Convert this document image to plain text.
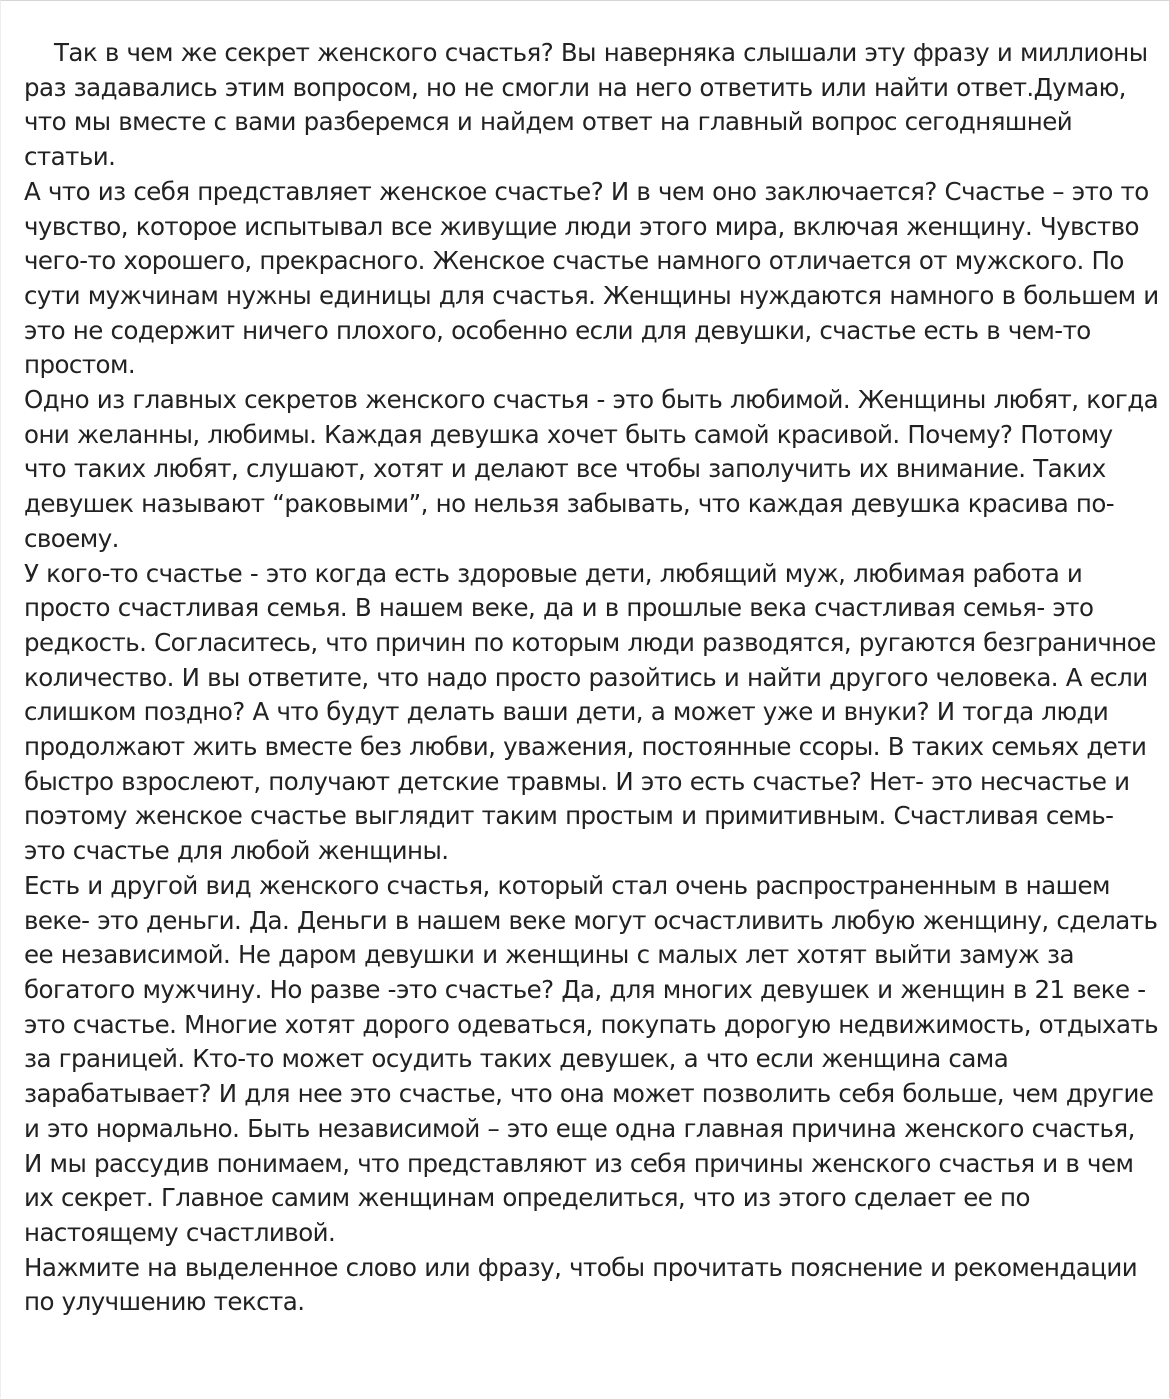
Так в чем же секрет женского счастья? Вы наверняка слышали эту фразу и миллионы раз задавались этим вопросом, но не смогли на него ответить или найти ответ.Думаю, что мы вместе с вами разберемся и найдем ответ на главный вопрос сегодняшней статьи.

А что из себя представляет женское счастье? И в чем оно заключается? Счастье – это то чувство, которое испытывал все живущие люди этого мира, включая женщину. Чувство чего-то хорошего, прекрасного. Женское счастье намного отличается от мужского. По сути мужчинам нужны единицы для счастья. Женщины нуждаются намного в большем и это не содержит ничего плохого, особенно если для девушки, счастье есть в чем-то простом.

Одно из главных секретов женского счастья - это быть любимой. Женщины любят, когда они желанны, любимы. Каждая девушка хочет быть самой красивой. Почему? Потому что таких любят, слушают, хотят и делают все чтобы заполучить их внимание. Таких девушек называют “раковыми”, но нельзя забывать, что каждая девушка красива по-своему.

У кого-то счастье - это когда есть здоровые дети, любящий муж, любимая работа и просто счастливая семья. В нашем веке, да и в прошлые века счастливая семья- это редкость. Согласитесь, что причин по которым люди разводятся, ругаются безграничное количество. И вы ответите, что надо просто разойтись и найти другого человека. А если слишком поздно? А что будут делать ваши дети, а может уже и внуки? И тогда люди продолжают жить вместе без любви, уважения, постоянные ссоры. В таких семьях дети быстро взрослеют, получают детские травмы. И это есть счастье? Нет- это несчастье и поэтому женское счастье выглядит таким простым и примитивным. Счастливая семь- это счастье для любой женщины.

Есть и другой вид женского счастья, который стал очень распространенным в нашем веке- это деньги. Да. Деньги в нашем веке могут осчастливить любую женщину, сделать ее независимой. Не даром девушки и женщины с малых лет хотят выйти замуж за богатого мужчину. Но разве -это счастье? Да, для многих девушек и женщин в 21 веке - это счастье. Многие хотят дорого одеваться, покупать дорогую недвижимость, отдыхать за границей. Кто-то может осудить таких девушек, а что если женщина сама зарабатывает? И для нее это счастье, что она может позволить себя больше, чем другие и это нормально. Быть независимой – это еще одна главная причина женского счастья,

И мы рассудив понимаем, что представляют из себя причины женского счастья и в чем их секрет. Главное самим женщинам определиться, что из этого сделает ее по настоящему счастливой.

Нажмите на выделенное слово или фразу, чтобы прочитать пояснение и рекомендации по улучшению текста.
